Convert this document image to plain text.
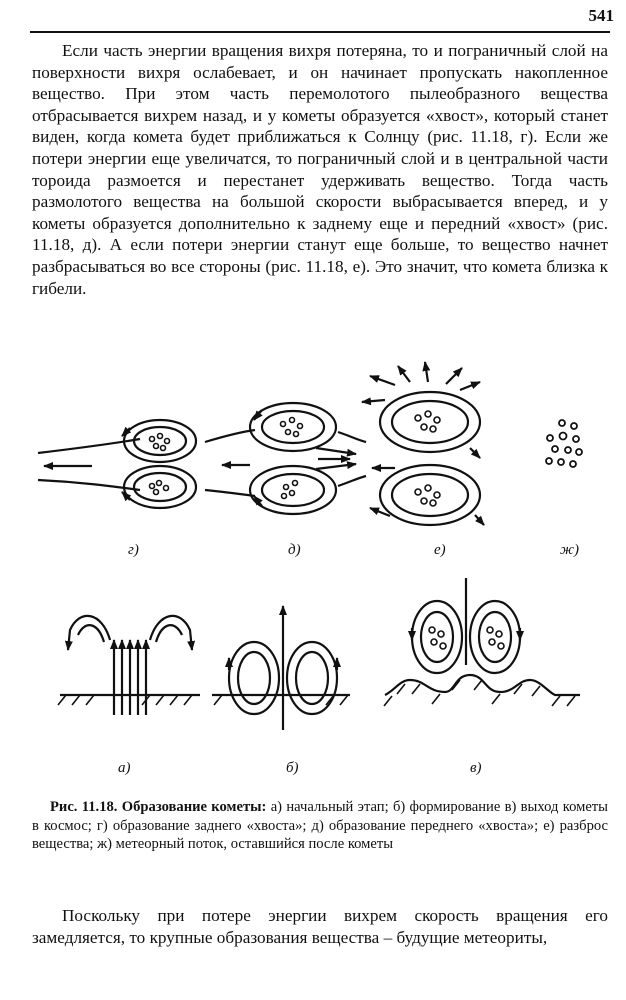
541

Если часть энергии вращения вихря потеряна, то и пограничный слой на поверхности вихря ослабевает, и он начинает пропускать накопленное вещество. При этом часть перемолотого пылеобразного вещества отбрасывается вихрем назад, и у кометы образуется «хвост», который станет виден, когда комета будет приближаться к Солнцу (рис. 11.18, г). Если же потери энергии еще увеличатся, то пограничный слой и в центральной части тороида размоется и перестанет удерживать вещество. Тогда часть размолотого вещества на большой скорости выбрасывается вперед, и у кометы образуется дополнительно к заднему еще и передний «хвост» (рис. 11.18, д). А если потери энергии станут еще больше, то вещество начнет разбрасываться во все стороны (рис. 11.18, е). Это значит, что комета близка к гибели.

г)	д)	е)	ж)
а)	б)	в)

Рис. 11.18. Образование кометы: а) начальный этап; б) формирование в) выход кометы в космос; г) образование заднего «хвоста»; д) образование переднего «хвоста»; е) разброс вещества; ж) метеорный поток, оставшийся после кометы

Поскольку при потере энергии вихрем скорость вращения его замедляется, то крупные образования вещества – будущие метеориты,
